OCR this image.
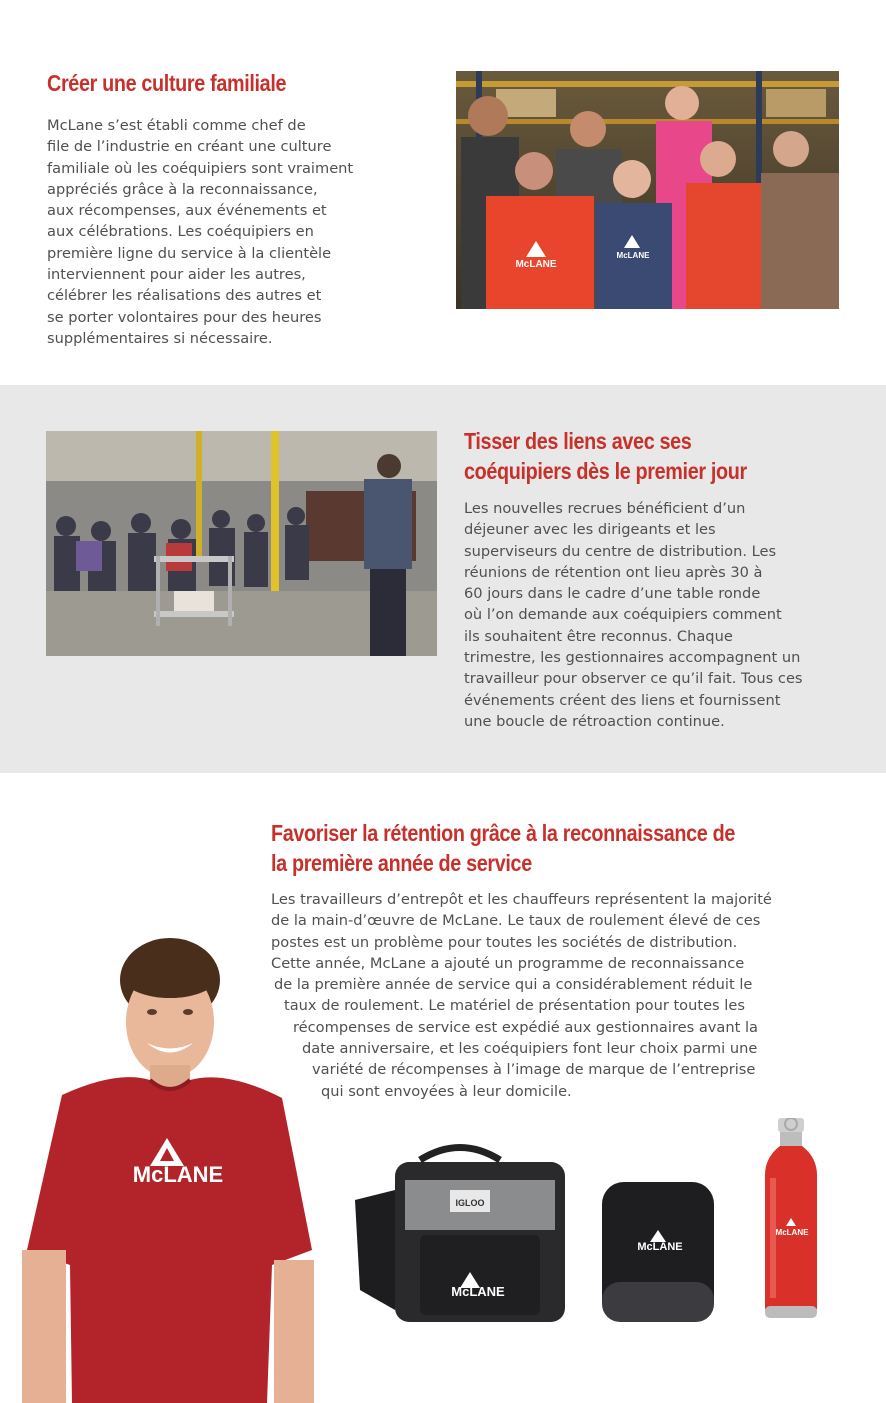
Créer une culture familiale
McLane s’est établi comme chef de
file de l’industrie en créant une culture
familiale où les coéquipiers sont vraiment
appréciés grâce à la reconnaissance,
aux récompenses, aux événements et
aux célébrations. Les coéquipiers en
première ligne du service à la clientèle
interviennent pour aider les autres,
célébrer les réalisations des autres et
se porter volontaires pour des heures
supplémentaires si nécessaire.
McLANE
McLANE
Tisser des liens avec ses
coéquipiers dès le premier jour
Les nouvelles recrues bénéficient d’un
déjeuner avec les dirigeants et les
superviseurs du centre de distribution. Les
réunions de rétention ont lieu après 30 à
60 jours dans le cadre d’une table ronde
où l’on demande aux coéquipiers comment
ils souhaitent être reconnus. Chaque
trimestre, les gestionnaires accompagnent un
travailleur pour observer ce qu’il fait. Tous ces
événements créent des liens et fournissent
une boucle de rétroaction continue.
Favoriser la rétention grâce à la reconnaissance de
la première année de service
Les travailleurs d’entrepôt et les chauffeurs représentent la majorité
de la main-d’œuvre de McLane. Le taux de roulement élevé de ces
postes est un problème pour toutes les sociétés de distribution.
Cette année, McLane a ajouté un programme de reconnaissance
de la première année de service qui a considérablement réduit le
taux de roulement. Le matériel de présentation pour toutes les
récompenses de service est expédié aux gestionnaires avant la
date anniversaire, et les coéquipiers font leur choix parmi une
variété de récompenses à l’image de marque de l’entreprise
qui sont envoyées à leur domicile.
McLANE
IGLOO
McLANE
McLANE
McLANE
